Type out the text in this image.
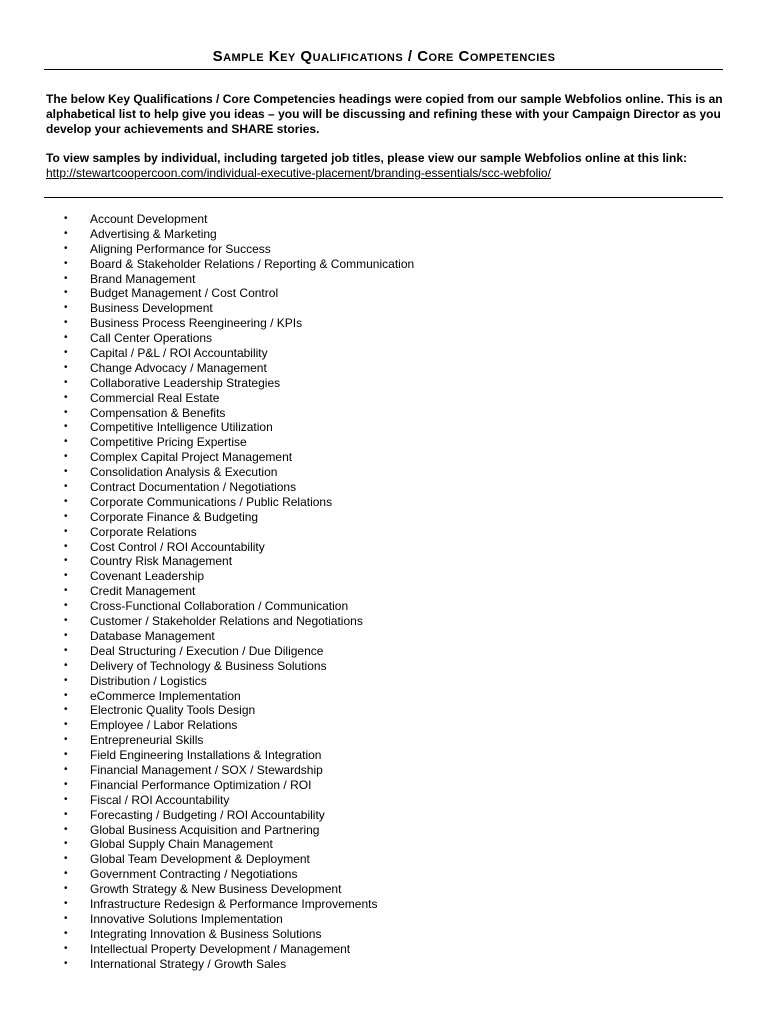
Sample Key Qualifications / Core Competencies

The below Key Qualifications / Core Competencies headings were copied from our sample Webfolios online. This is an alphabetical list to help give you ideas – you will be discussing and refining these with your Campaign Director as you develop your achievements and SHARE stories.

To view samples by individual, including targeted job titles, please view our sample Webfolios online at this link:
http://stewartcoopercoon.com/individual-executive-placement/branding-essentials/scc-webfolio/
• Account Development
• Advertising & Marketing
• Aligning Performance for Success
• Board & Stakeholder Relations / Reporting & Communication
• Brand Management
• Budget Management / Cost Control
• Business Development
• Business Process Reengineering / KPIs
• Call Center Operations
• Capital / P&L / ROI Accountability
• Change Advocacy / Management
• Collaborative Leadership Strategies
• Commercial Real Estate
• Compensation & Benefits
• Competitive Intelligence Utilization
• Competitive Pricing Expertise
• Complex Capital Project Management
• Consolidation Analysis & Execution
• Contract Documentation / Negotiations
• Corporate Communications / Public Relations
• Corporate Finance & Budgeting
• Corporate Relations
• Cost Control / ROI Accountability
• Country Risk Management
• Covenant Leadership
• Credit Management
• Cross-Functional Collaboration / Communication
• Customer / Stakeholder Relations and Negotiations
• Database Management
• Deal Structuring / Execution / Due Diligence
• Delivery of Technology & Business Solutions
• Distribution / Logistics
• eCommerce Implementation
• Electronic Quality Tools Design
• Employee / Labor Relations
• Entrepreneurial Skills
• Field Engineering Installations & Integration
• Financial Management / SOX / Stewardship
• Financial Performance Optimization / ROI
• Fiscal / ROI Accountability
• Forecasting / Budgeting / ROI Accountability
• Global Business Acquisition and Partnering
• Global Supply Chain Management
• Global Team Development & Deployment
• Government Contracting / Negotiations
• Growth Strategy & New Business Development
• Infrastructure Redesign & Performance Improvements
• Innovative Solutions Implementation
• Integrating Innovation & Business Solutions
• Intellectual Property Development / Management
• International Strategy / Growth Sales
